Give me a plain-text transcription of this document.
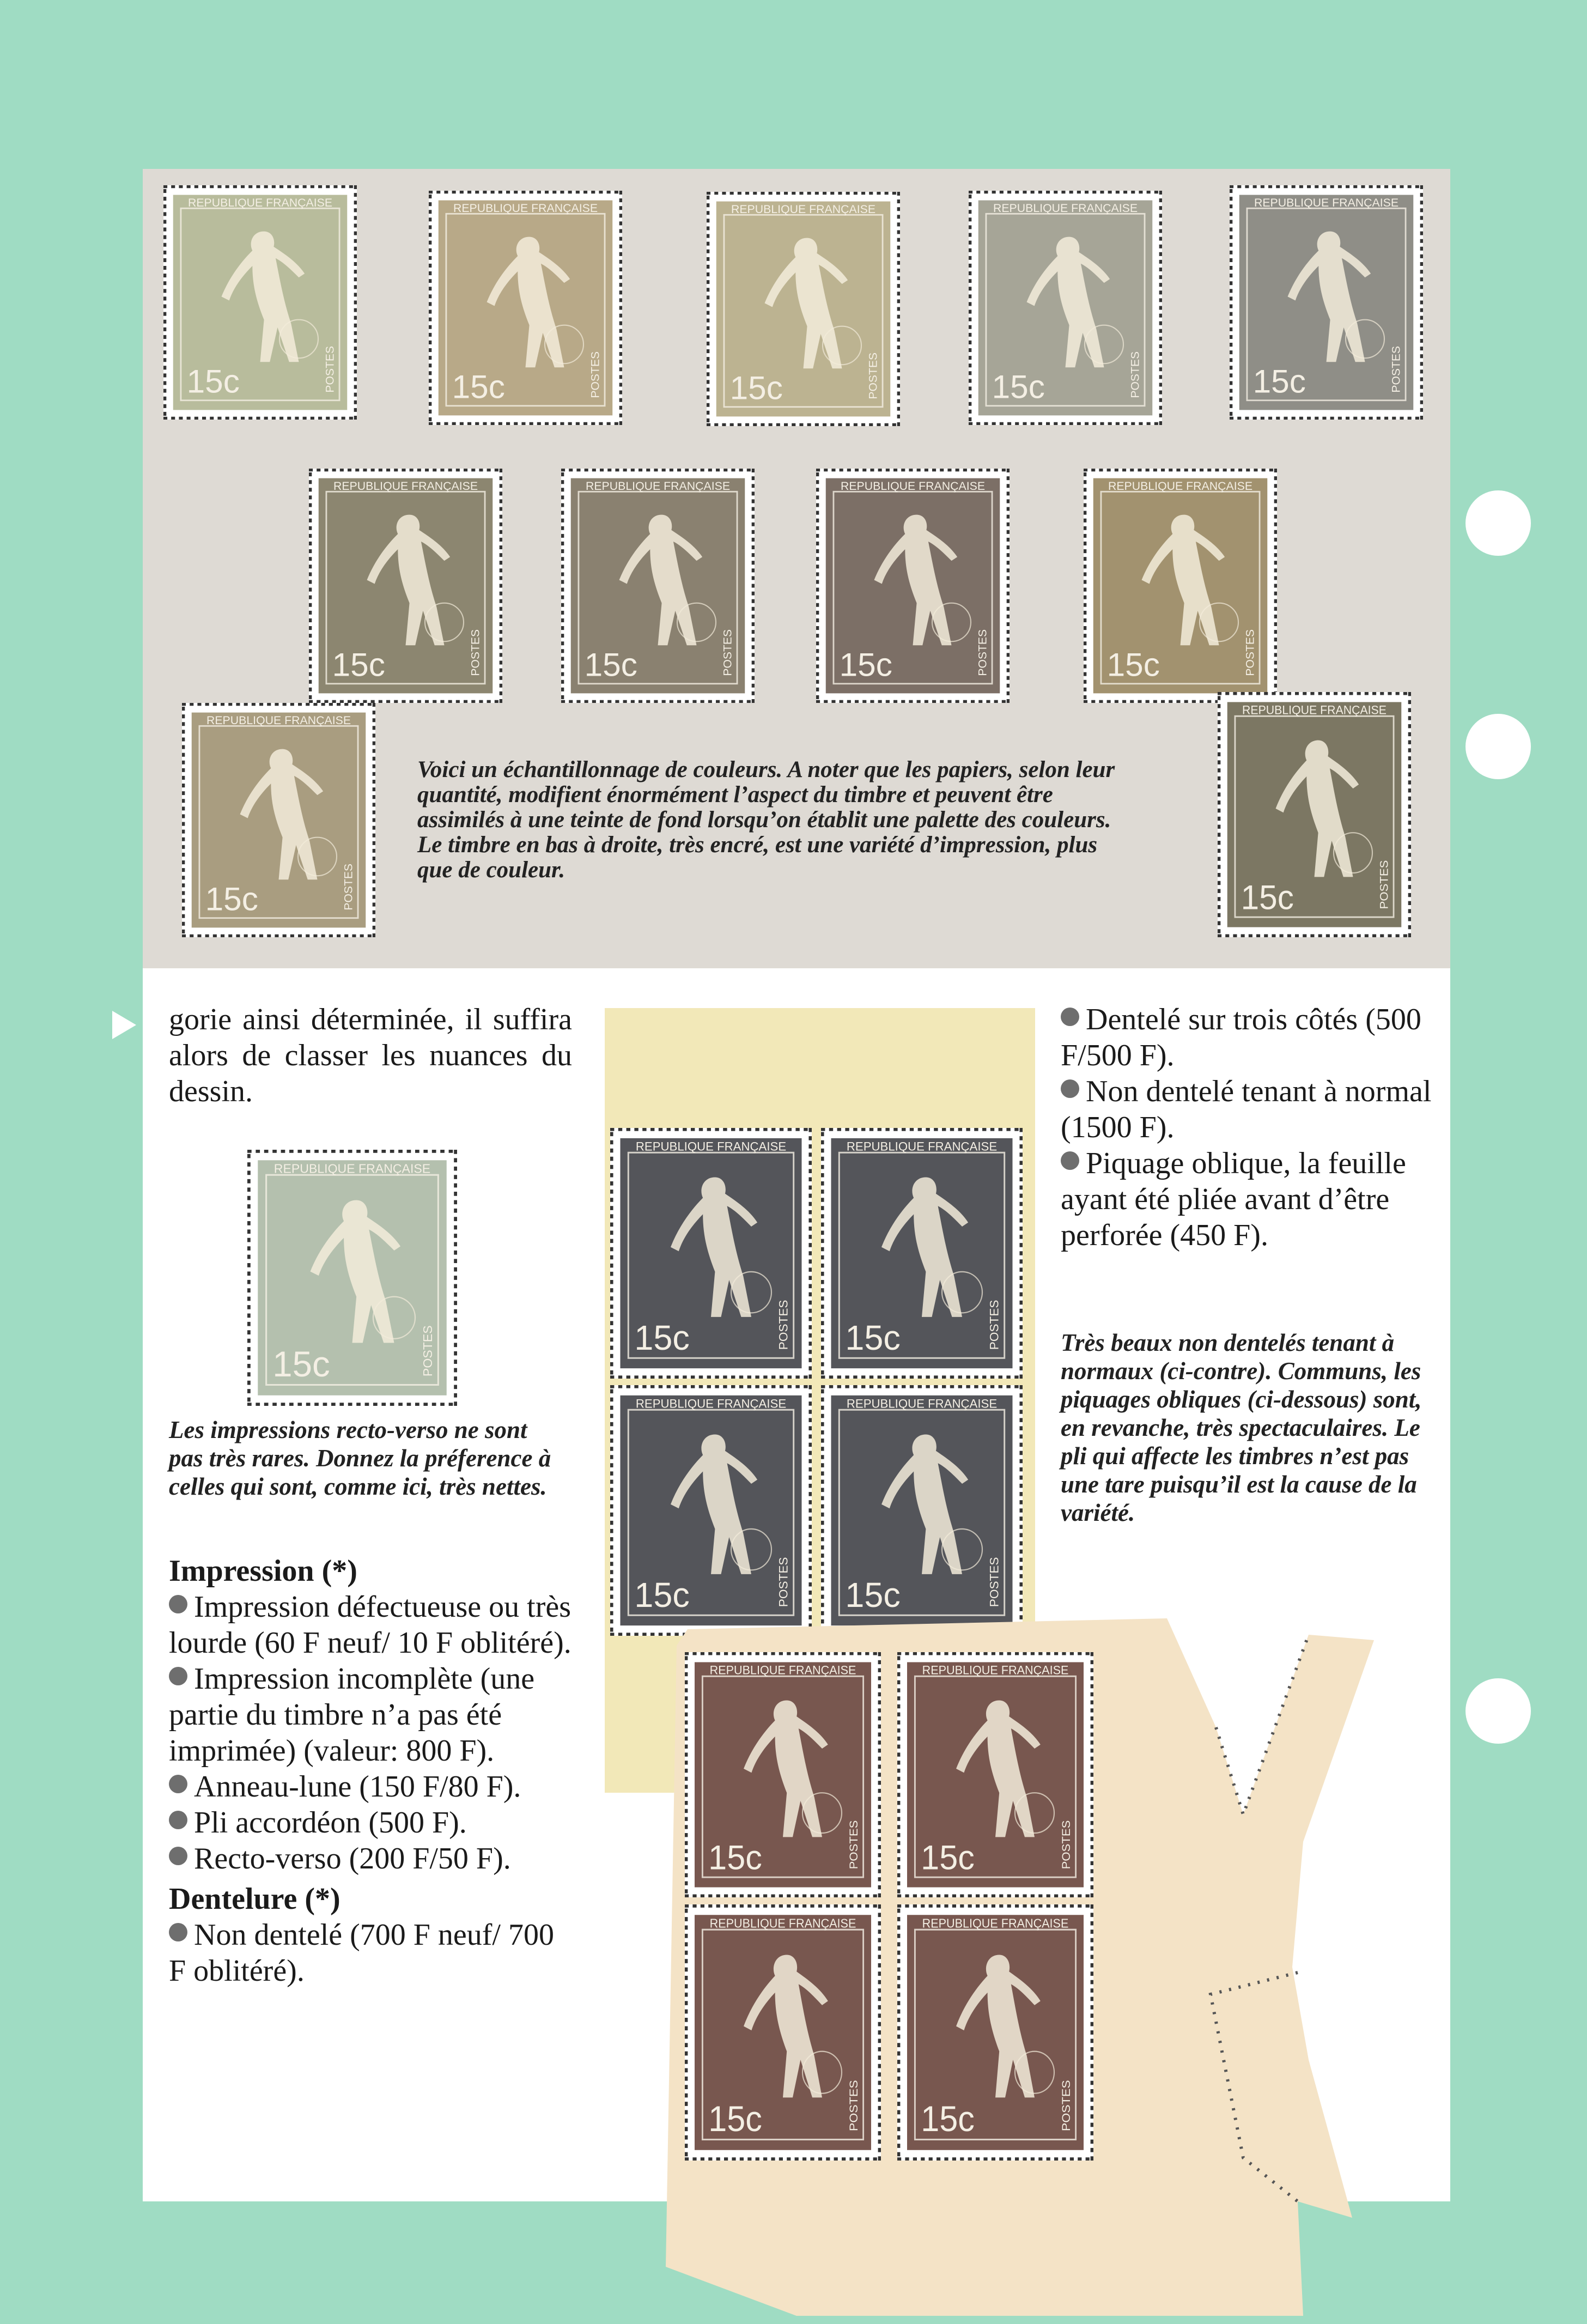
REPUBLIQUE FRANÇAISE
15c	POSTES
REPUBLIQUE FRANÇAISE
15c	POSTES
REPUBLIQUE FRANÇAISE
15c	POSTES
REPUBLIQUE FRANÇAISE
15c	POSTES
REPUBLIQUE FRANÇAISE
15c	POSTES
REPUBLIQUE FRANÇAISE
15c	POSTES
REPUBLIQUE FRANÇAISE
15c	POSTES
REPUBLIQUE FRANÇAISE
15c	POSTES
REPUBLIQUE FRANÇAISE
15c	POSTES
REPUBLIQUE FRANÇAISE
15c	POSTES
REPUBLIQUE FRANÇAISE
15c	POSTES

Voici un échantillonnage de couleurs. A noter que les papiers, selon leur quantité, modifient énormément l’aspect du timbre et peuvent être assimilés à une teinte de fond lorsqu’on établit une palette des couleurs. Le timbre en bas à droite, très encré, est une variété d’impression, plus que de couleur.

gorie ainsi déterminée, il suffira alors de classer les nuances du dessin.

REPUBLIQUE FRANÇAISE
15c	POSTES

Les impressions recto-verso ne sont pas très rares. Donnez la préference à celles qui sont, comme ici, très nettes.

Impression (*)
Impression défectueuse ou très lourde (60 F neuf/ 10 F oblitéré).
Impression incomplète (une partie du timbre n’a pas été imprimée) (valeur: 800 F).
Anneau-lune (150 F/80 F).
Pli accordéon (500 F).
Recto-verso (200 F/50 F).
Dentelure (*)
Non dentelé (700 F neuf/ 700 F oblitéré).
REPUBLIQUE FRANÇAISE
15c	POSTES
REPUBLIQUE FRANÇAISE
15c	POSTES
REPUBLIQUE FRANÇAISE
15c	POSTES
REPUBLIQUE FRANÇAISE
15c	POSTES
Dentelé sur trois côtés (500 F/500 F).
Non dentelé tenant à normal (1500 F).
Piquage oblique, la feuille ayant été pliée avant d’être perforée (450 F).

Très beaux non dentelés tenant à normaux (ci-contre). Communs, les piquages obliques (ci-dessous) sont, en revanche, très spectaculaires. Le pli qui affecte les timbres n’est pas une tare puisqu’il est la cause de la variété.

REPUBLIQUE FRANÇAISE
15c	POSTES
REPUBLIQUE FRANÇAISE
15c	POSTES
REPUBLIQUE FRANÇAISE
15c	POSTES
REPUBLIQUE FRANÇAISE
15c	POSTES
